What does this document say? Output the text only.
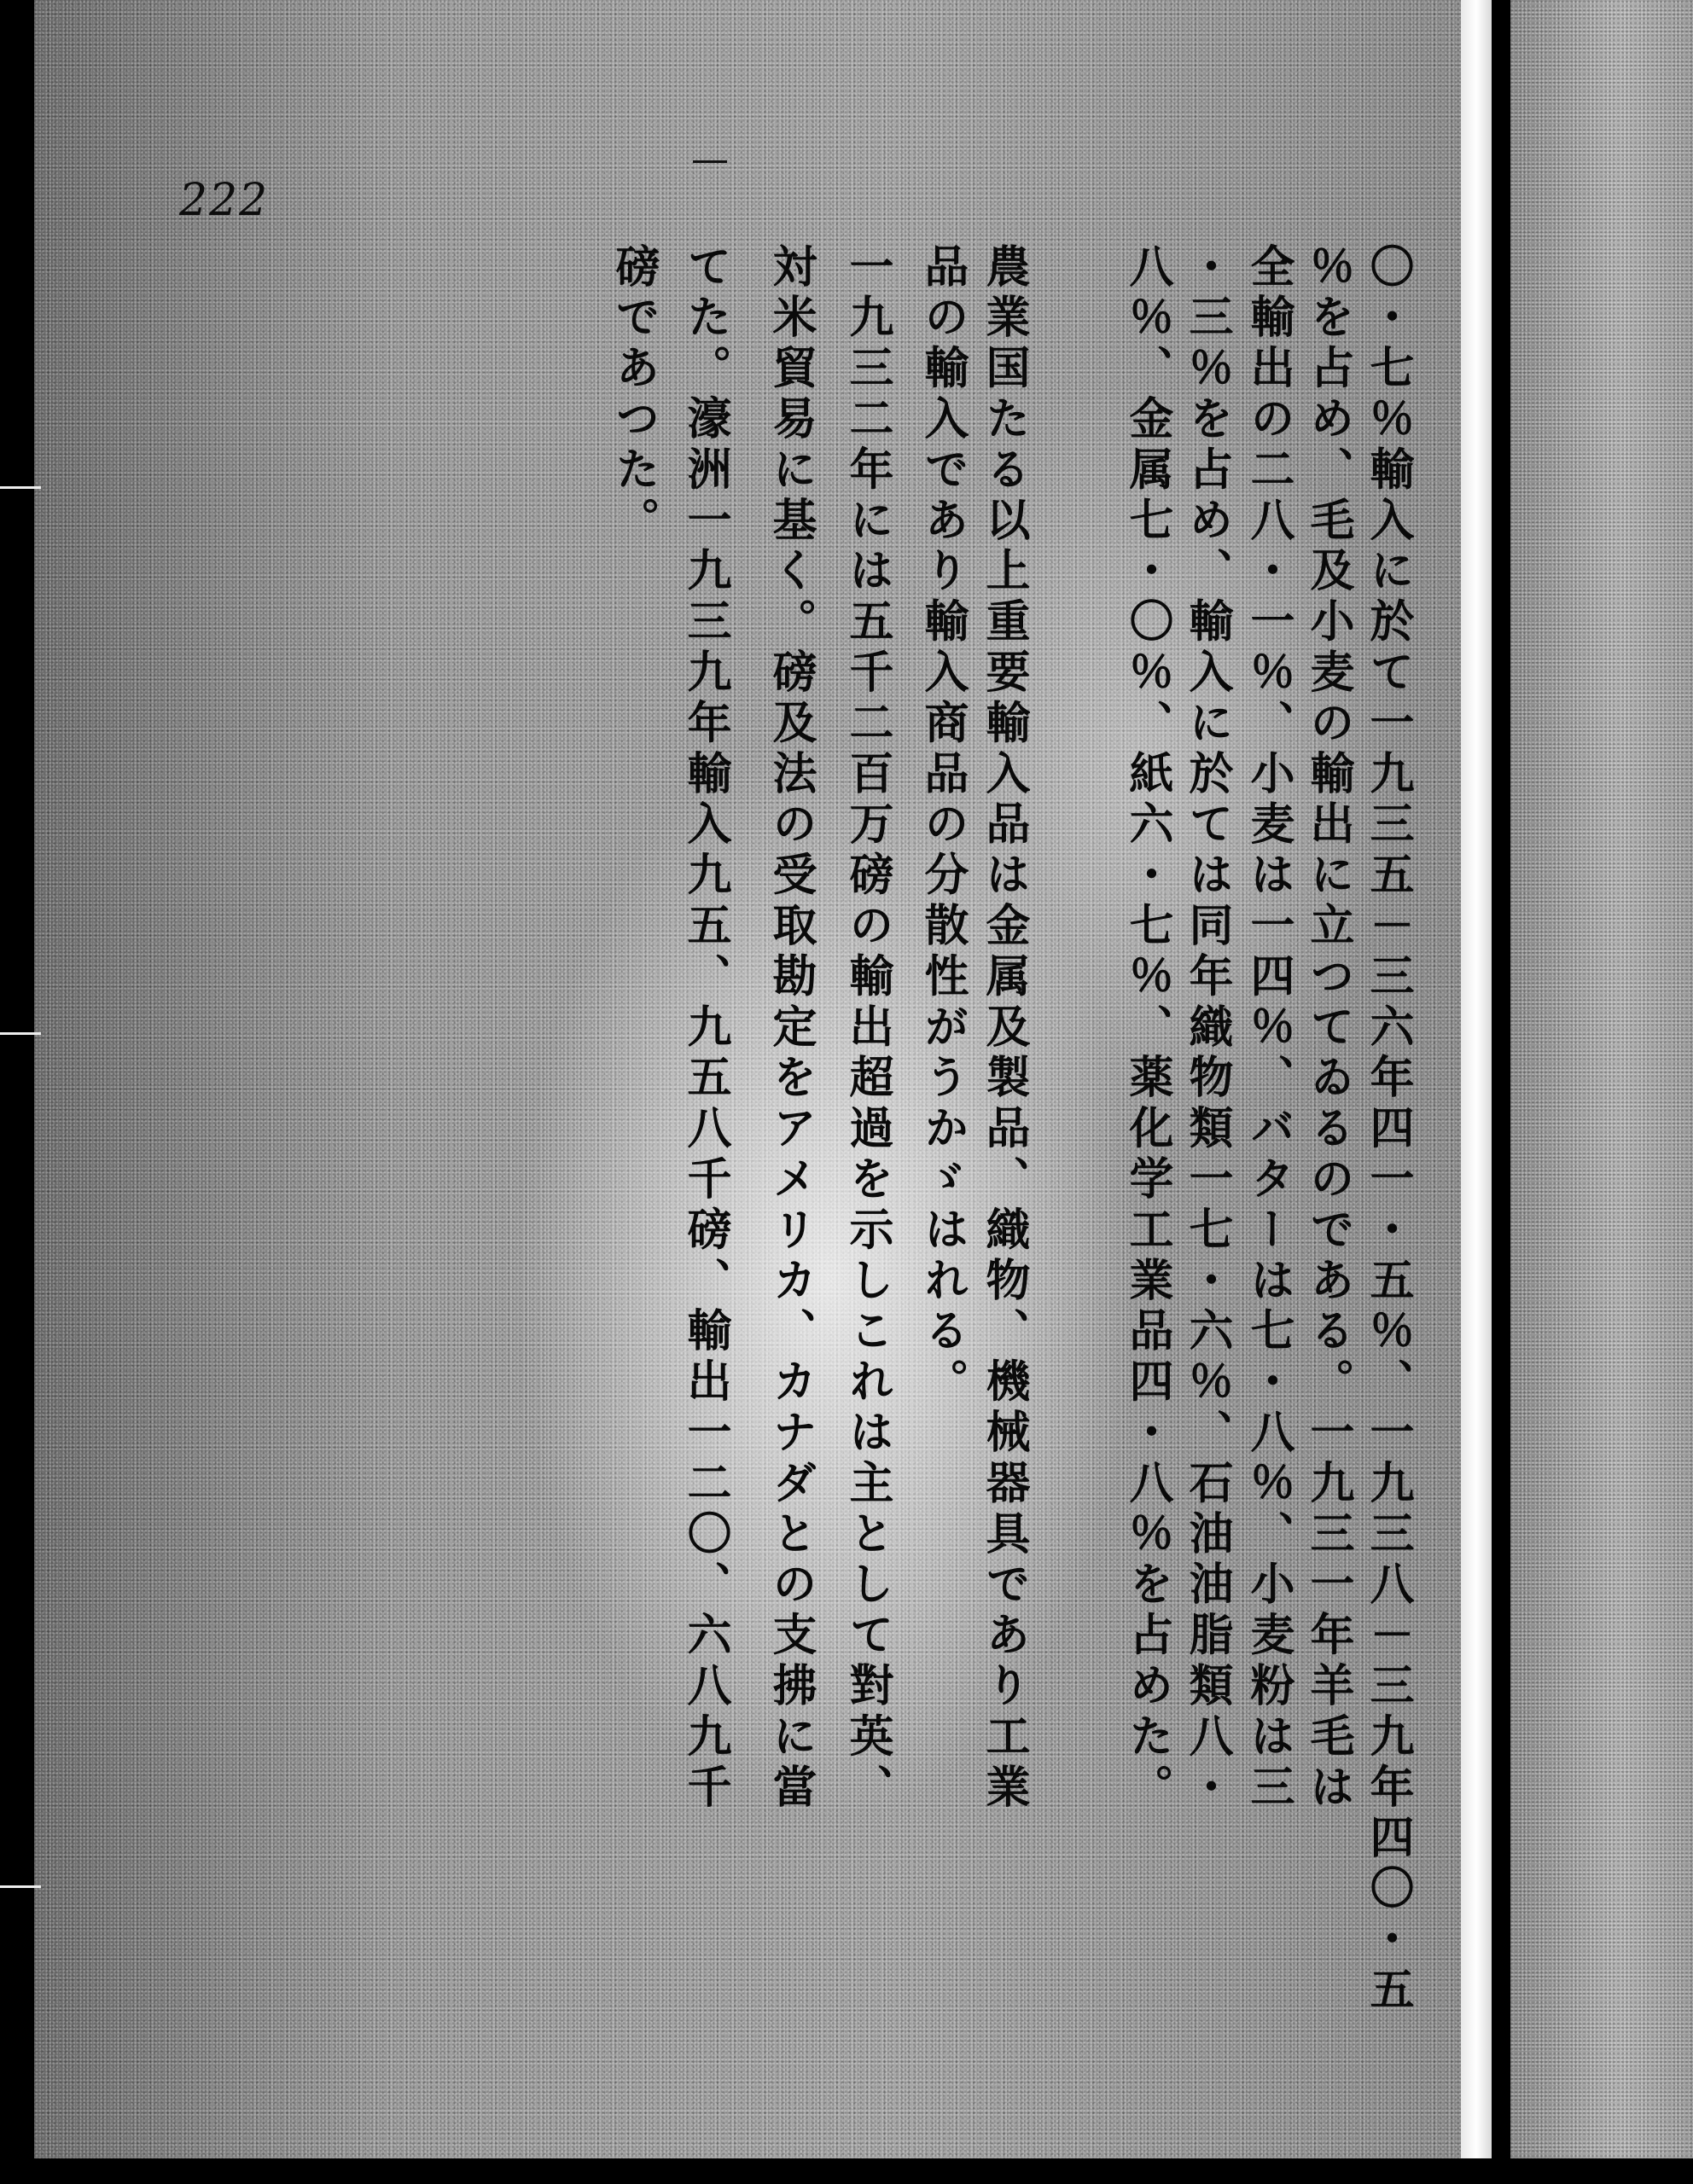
222
〇・七％輸入に於て一九三五－三六年四一・五％、一九三八－三九年四〇・五
％を占め、毛及小麦の輸出に立つてゐるのである。一九三一年羊毛は
全輸出の二八・一％、小麦は一四％、バターは七・八％、小麦粉は三
・三％を占め、輸入に於ては同年織物類一七・六％、石油油脂類八・
八％、金属七・〇％、紙六・七％、薬化学工業品四・八％を占めた。
農業国たる以上重要輸入品は金属及製品、織物、機械器具であり工業
品の輸入であり輸入商品の分散性がうかゞはれる。
一九三二年には五千二百万磅の輸出超過を示しこれは主として對英、
対米貿易に基く。磅及法の受取勘定をアメリカ、カナダとの支拂に當
てた。濠洲一九三九年輸入九五、九五八千磅、輸出一二〇、六八九千
磅であつた。
